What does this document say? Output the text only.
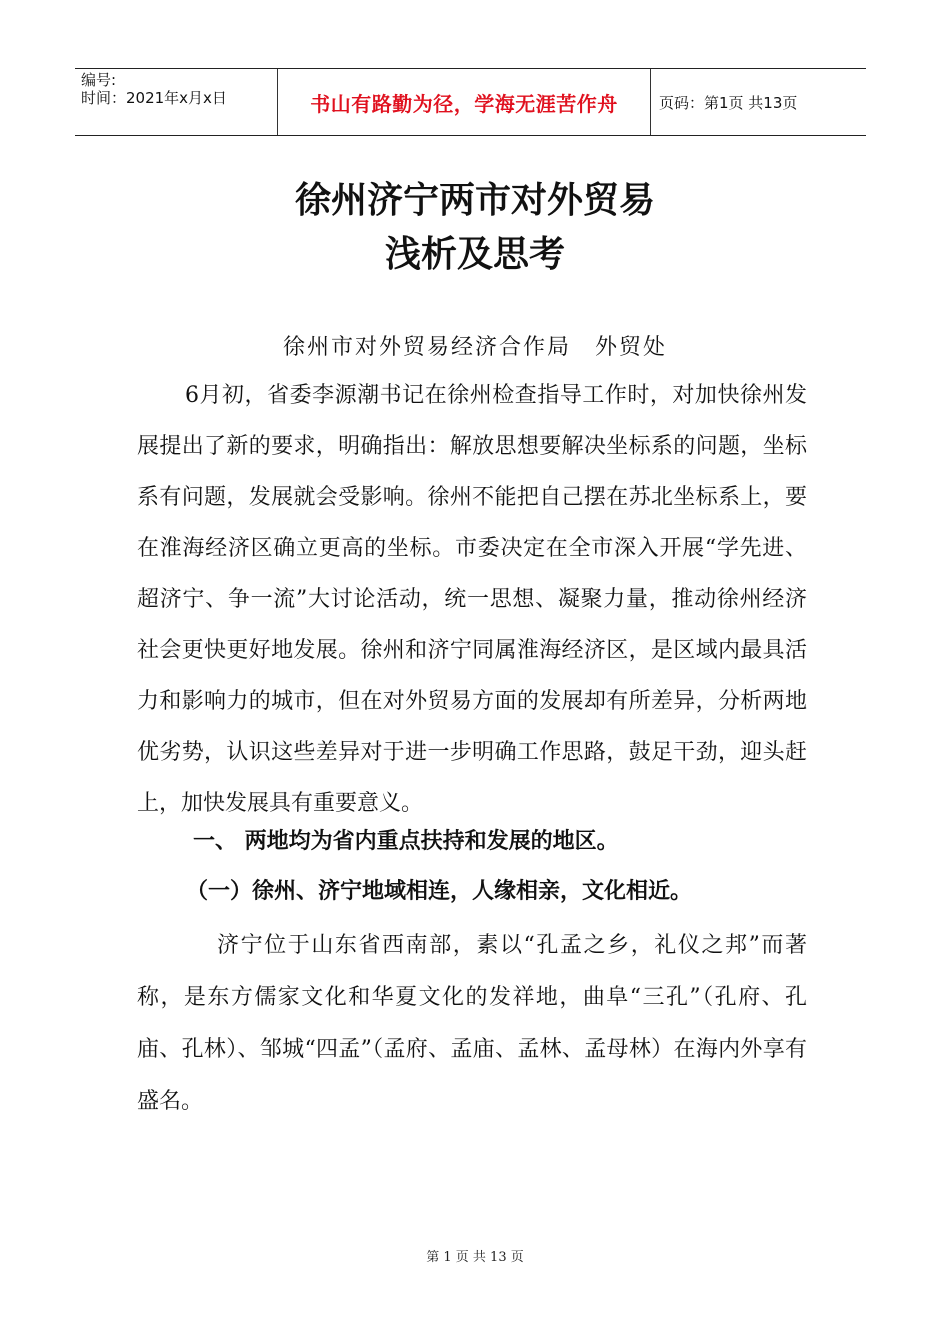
编号:
时间：2021年x月x日	书山有路勤为径，学海无涯苦作舟	页码：第1页 共13页
徐州济宁两市对外贸易
浅析及思考
徐州市对外贸易经济合作局　外贸处
6月初，省委李源潮书记在徐州检查指导工作时，对加快徐州发展提出了新的要求，明确指出：解放思想要解决坐标系的问题，坐标系有问题，发展就会受影响。徐州不能把自己摆在苏北坐标系上，要在淮海经济区确立更高的坐标。市委决定在全市深入开展“学先进、超济宁、争一流”大讨论活动，统一思想、凝聚力量，推动徐州经济社会更快更好地发展。徐州和济宁同属淮海经济区，是区域内最具活力和影响力的城市，但在对外贸易方面的发展却有所差异，分析两地优劣势，认识这些差异对于进一步明确工作思路，鼓足干劲，迎头赶上，加快发展具有重要意义。
一、 两地均为省内重点扶持和发展的地区。
（一）徐州、济宁地域相连，人缘相亲，文化相近。
济宁位于山东省西南部，素以“孔孟之乡，礼仪之邦”而著称，是东方儒家文化和华夏文化的发祥地，曲阜“三孔”（孔府、孔庙、孔林）、邹城“四孟”（孟府、孟庙、孟林、孟母林）在海内外享有盛名。
第 1 页 共 13 页
